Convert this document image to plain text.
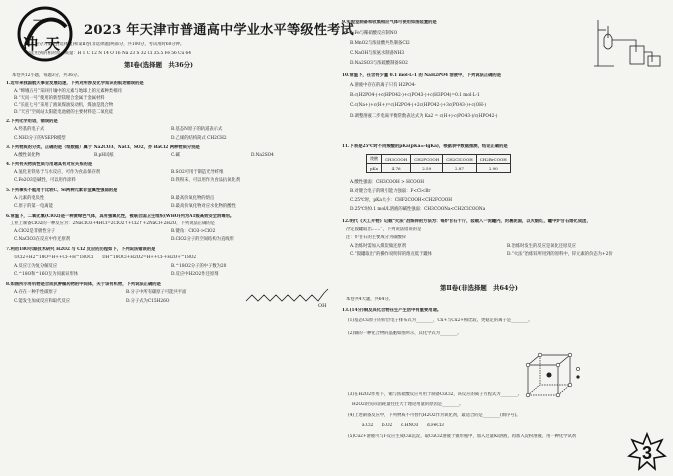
一
冲 天
2023 年天津市普通高中学业水平等级性考试
本试卷分为第Ⅰ卷(选择题)和第Ⅱ卷(非选择题)两部分，共100分，考试用时60分钟。
可能用到的相对原子质量：H 1 C 12 N 14 O 16 Na 23 S 32 Cl 35.5 Fe 56 Cu 64
第Ⅰ卷(选择题　共36分)
本卷共12小题，每题3分，共36分。
1.近年来我国航天事业发展迅速，下列对所涉及化学知识的叙述错误的是
A.“嫦娥五号”采回月壤中的元素与地球上的元素种类相同
B.“天问一号”使用的新型镁锂合金属于金属材料
C.“长征七号”采用了液氧煤油发动机，煤油是混合物
D.“天宫”空间站太阳能电池板的主要材料是二氧化硅
2.下列化学用语，错误的是
A.羟基的电子式	B.基态N原子的轨道表示式
C.NH3分子的VSEPR模型	D.乙烯的结构简式 CH2CH2
3.下列物质的分类，正确的是（组数据）属于 Na2CO3、NaCl、SO2，亦 BaCl2 两种物质分别是
A.酸性氧化物	B.pH试纸	C.碱	D.Na2SO4
4.下列有关物质性质与用途具有对应关系的是
A.氢化亚铁易于与水反应，可作为食品保存剂	B.SO2可用于制造光导纤维
C.Fe2O3是碱性，可以用作涂料	D.铁粉末，可以用作为食品抗氧化剂
5.下列事实不能用于比较C、Si两种元素非金属性强弱的是
A.元素的电负性	B.最高价氧化物的熔点
C.原子的第一电离能	D.最高价氧化物对应水化物的酸性
6.常温下，二氧化氯(ClO2)是一种黄绿色气体，具有强氧化性，被联合国卫生组织(WHO)列为A1级高效安全消毒剂。
工业上制备ClO2的一种反应为：2NaClO3+4HCl=2ClO2↑+Cl2↑+2NaCl+2H2O，下列说法正确的是
A.ClO2是非极性分子	B.键角：ClO3->ClO2
C.NaClO3在反应中作还原剂	D.ClO2分子的空间结构为直线形
7.利用18O示踪技术研究 H2O2 与 Cl2 反应的历程如下，下列说法错误的是
①Cl2+H2^18O=H++Cl-+H^18OCl　　②H^18OCl+H2O2=H++Cl-+H2O+^18O2
A.反应①为复分解反应	B.^18O2分子的中子数为20
C.^18O和^16O互为同素异形体	D.反应中H2O2作还原剂
8.如图所示有机物是合成抗肿瘤药物的中间体，关于该有机物，下列说法正确的是
A.存在一种手性碳原子	B.分子中所有碳原子可能共平面
C.能发生加成反应和取代反应	D.分子式为C15H26O
OH
9.实验室制备和收集相应气体可使用如图装置的是
A.Fe与稀硝酸反应制NO
B.MnO2与浓盐酸共热制备Cl2
C.NaOH与浓氨水制备NH3
D.Na2SO3与浓硫酸制备SO2
10.常温下，在含有少量 0.1 mol·L-1 的 NaH2PO4 溶液中，下列说法正确的是
A.溶液中存在的离子只有 H2PO4-
B.c(H2PO4-)+c(HPO42-)+c(PO43-)+c(H3PO4)=0.1 mol·L-1
C.c(Na+)+c(H+)=c(H2PO4-)+2c(HPO42-)+3c(PO43-)+c(OH-)
D.调整溶液二步电离平衡常数表达式为 Ka2 = c(H+)·c(PO43-)/c(HPO42-)
11.下表是25℃时不同羧酸的pKa(pKa=-lgKa)，根据表中数据推测，结论正确的是
羧酸	CH3COOH	CH2FCOOH	CH2ClCOOH	CH2BrCOOH
pKa	4.76	2.59	2.87	2.90
A.酸性强弱：CH3COOH > HCOOH
B.对键合电子的吸引能力强弱：F<Cl<Br
C.25℃时，pKa大小：CHF2COOH<CH2FCOOH
D.25℃时0.1 mol/L溶液的碱性强弱：CH3COONa<CH2ClCOONa
12.明代《天工开物》记载“火法”冶炼锌的方法为：每炉甘石十斤，装载入一泥罐内，封裹泥固，以火煅红，罐中炉甘石熔化成团，
冷定毁罐取出……”，下列说法错误的是
注：炉甘石的主要成分为碳酸锌
A.冶炼时需加入煤炭做还原剂	B.冶炼时发生的反应是氧化还原反应
C.“毁罐取出”的操作说明锌的熔点低于罐体	D.“火法”冶炼锌所用到的原料中，锌元素的价态为+2价
第Ⅱ卷(非选择题　共64分)
本卷共4大题，共64分。
13.(14分)铜及其化合物在生产生活中有重要用途。
(1)基态Cu原子的价层电子排布式为________，Cu+与Cu2+相比较，更稳定的离子是________。
(2)铜的一种化合物的晶胞如图所示，其化学式为________。
(3)在H2O2作用下，铜与浓盐酸反应可用于制备CuCl2，该反应的离子方程式为________。
H2O2的实际消耗量往往大于理论用量的原因是________。
(4)上述制备反应中，下列物质不可替代H2O2作为氧化剂，最适合的是________(填序号)。
a.Cl2　　b.O2　　c.HNO3　　d.FeCl3
(5)Cu2+溶液可与I-反应生成CuI沉淀，取CuCl2溶液于锥形瓶中，加入过量KI溶液，再加入淀粉溶液，用一种化学试剂
3
